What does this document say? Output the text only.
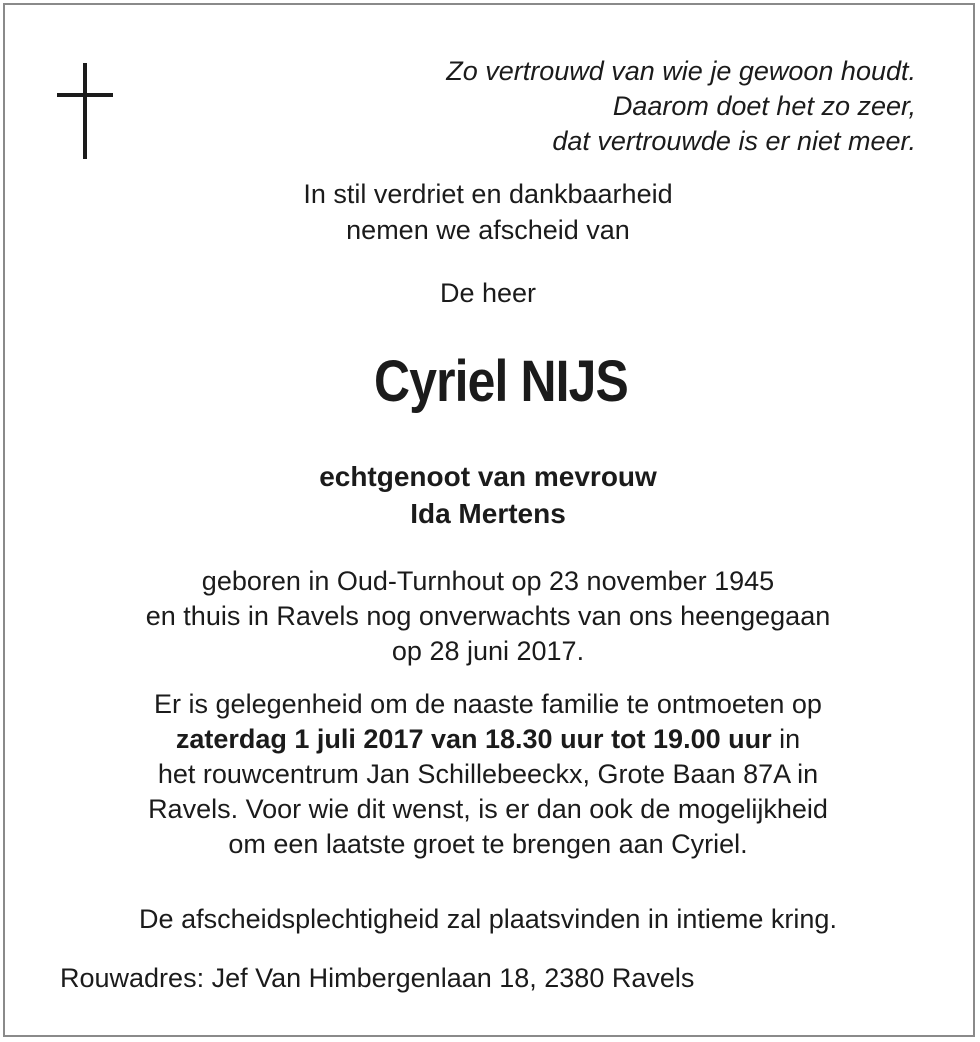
Zo vertrouwd van wie je gewoon houdt.
Daarom doet het zo zeer,
dat vertrouwde is er niet meer.
In stil verdriet en dankbaarheid
nemen we afscheid van
De heer
Cyriel NIJS
echtgenoot van mevrouw
Ida Mertens
geboren in Oud-Turnhout op 23 november 1945
en thuis in Ravels nog onverwachts van ons heengegaan
op 28 juni 2017.
Er is gelegenheid om de naaste familie te ontmoeten op
zaterdag 1 juli 2017 van 18.30 uur tot 19.00 uur in
het rouwcentrum Jan Schillebeeckx, Grote Baan 87A in
Ravels. Voor wie dit wenst, is er dan ook de mogelijkheid
om een laatste groet te brengen aan Cyriel.
De afscheidsplechtigheid zal plaatsvinden in intieme kring.
Rouwadres: Jef Van Himbergenlaan 18, 2380 Ravels
